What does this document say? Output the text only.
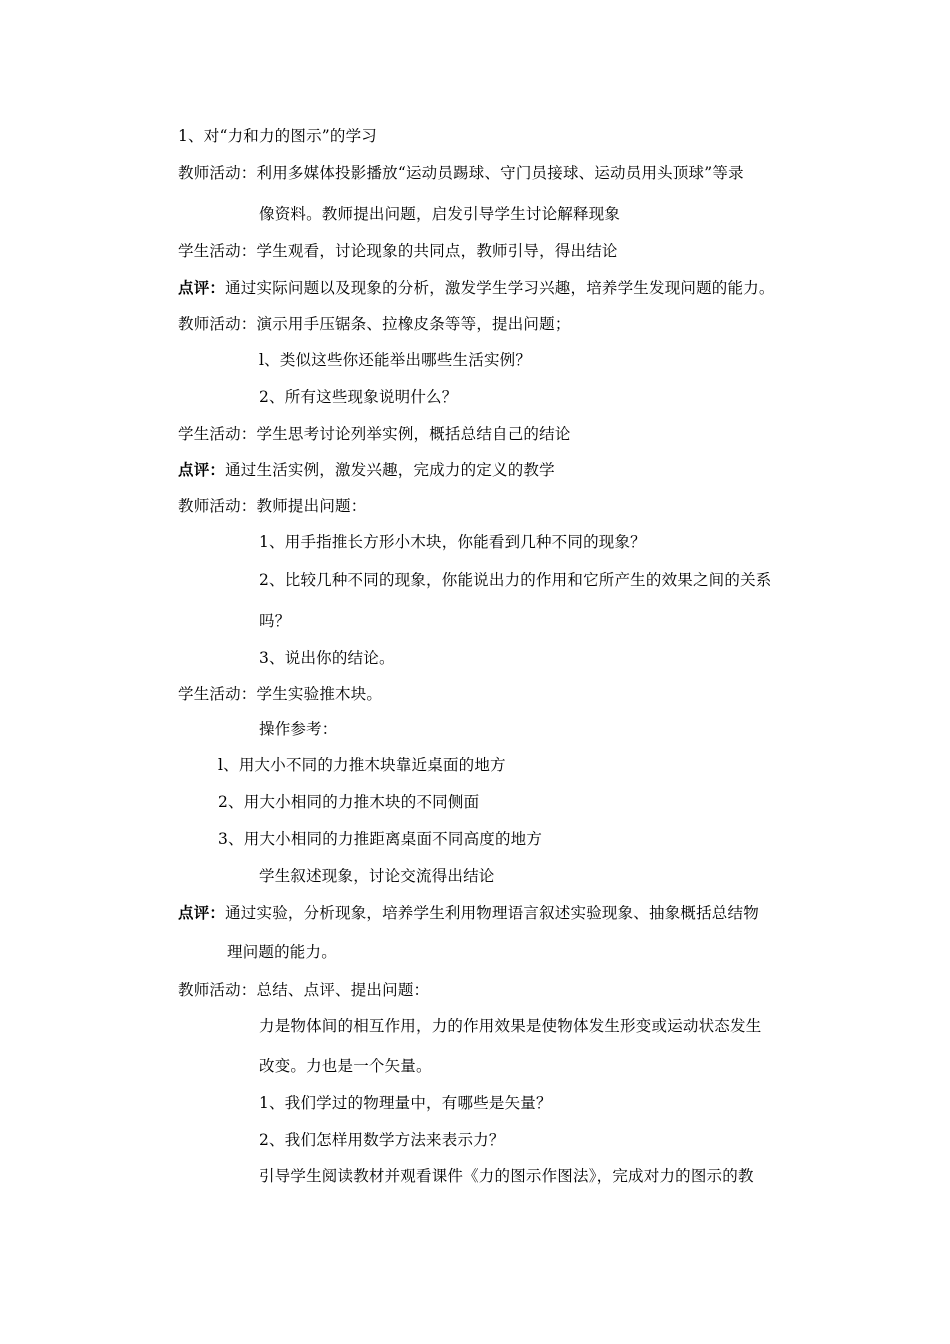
1、对“力和力的图示”的学习
教师活动：利用多媒体投影播放“运动员踢球、守门员接球、运动员用头顶球”等录
像资料。教师提出问题，启发引导学生讨论解释现象
学生活动：学生观看，讨论现象的共同点，教师引导，得出结论
点评：通过实际问题以及现象的分析，激发学生学习兴趣，培养学生发现问题的能力。
教师活动：演示用手压锯条、拉橡皮条等等，提出问题；
l、类似这些你还能举出哪些生活实例？
2、所有这些现象说明什么？
学生活动：学生思考讨论列举实例，概括总结自己的结论
点评：通过生活实例，激发兴趣，完成力的定义的教学
教师活动：教师提出问题：
1、用手指推长方形小木块，你能看到几种不同的现象？
2、比较几种不同的现象，你能说出力的作用和它所产生的效果之间的关系
吗？
3、说出你的结论。
学生活动：学生实验推木块。
操作参考：
l、用大小不同的力推木块靠近桌面的地方
2、用大小相同的力推木块的不同侧面
3、用大小相同的力推距离桌面不同高度的地方
学生叙述现象，讨论交流得出结论
点评：通过实验，分析现象，培养学生利用物理语言叙述实验现象、抽象概括总结物
理问题的能力。
教师活动：总结、点评、提出问题：
力是物体间的相互作用，力的作用效果是使物体发生形变或运动状态发生
改变。力也是一个矢量。
1、我们学过的物理量中，有哪些是矢量？
2、我们怎样用数学方法来表示力？
引导学生阅读教材并观看课件《力的图示作图法》，完成对力的图示的教
